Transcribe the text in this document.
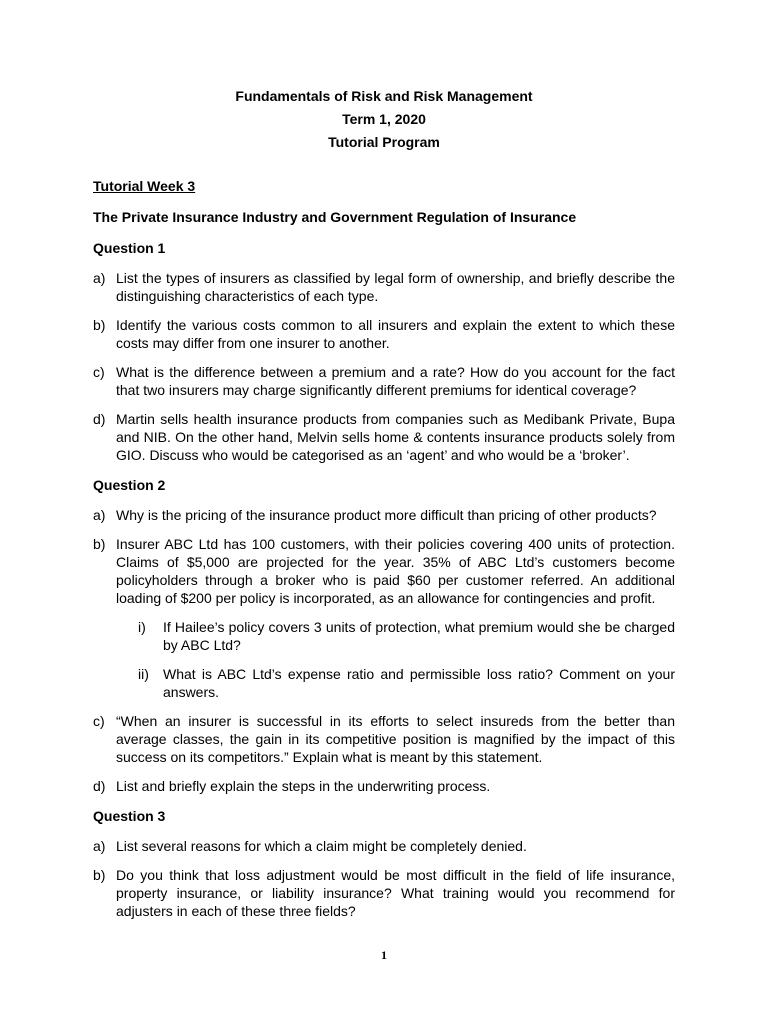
Fundamentals of Risk and Risk Management
Term 1, 2020
Tutorial Program
Tutorial Week 3
The Private Insurance Industry and Government Regulation of Insurance
Question 1
a) List the types of insurers as classified by legal form of ownership, and briefly describe the distinguishing characteristics of each type.
b) Identify the various costs common to all insurers and explain the extent to which these costs may differ from one insurer to another.
c) What is the difference between a premium and a rate? How do you account for the fact that two insurers may charge significantly different premiums for identical coverage?
d) Martin sells health insurance products from companies such as Medibank Private, Bupa and NIB. On the other hand, Melvin sells home & contents insurance products solely from GIO. Discuss who would be categorised as an ‘agent’ and who would be a ‘broker’.
Question 2
a) Why is the pricing of the insurance product more difficult than pricing of other products?
b) Insurer ABC Ltd has 100 customers, with their policies covering 400 units of protection. Claims of $5,000 are projected for the year. 35% of ABC Ltd’s customers become policyholders through a broker who is paid $60 per customer referred. An additional loading of $200 per policy is incorporated, as an allowance for contingencies and profit.
i)	If Hailee’s policy covers 3 units of protection, what premium would she be charged by ABC Ltd?
ii)	What is ABC Ltd’s expense ratio and permissible loss ratio? Comment on your answers.
c) “When an insurer is successful in its efforts to select insureds from the better than average classes, the gain in its competitive position is magnified by the impact of this success on its competitors.” Explain what is meant by this statement.
d) List and briefly explain the steps in the underwriting process.
Question 3
a) List several reasons for which a claim might be completely denied.
b) Do you think that loss adjustment would be most difficult in the field of life insurance, property insurance, or liability insurance? What training would you recommend for adjusters in each of these three fields?
1
